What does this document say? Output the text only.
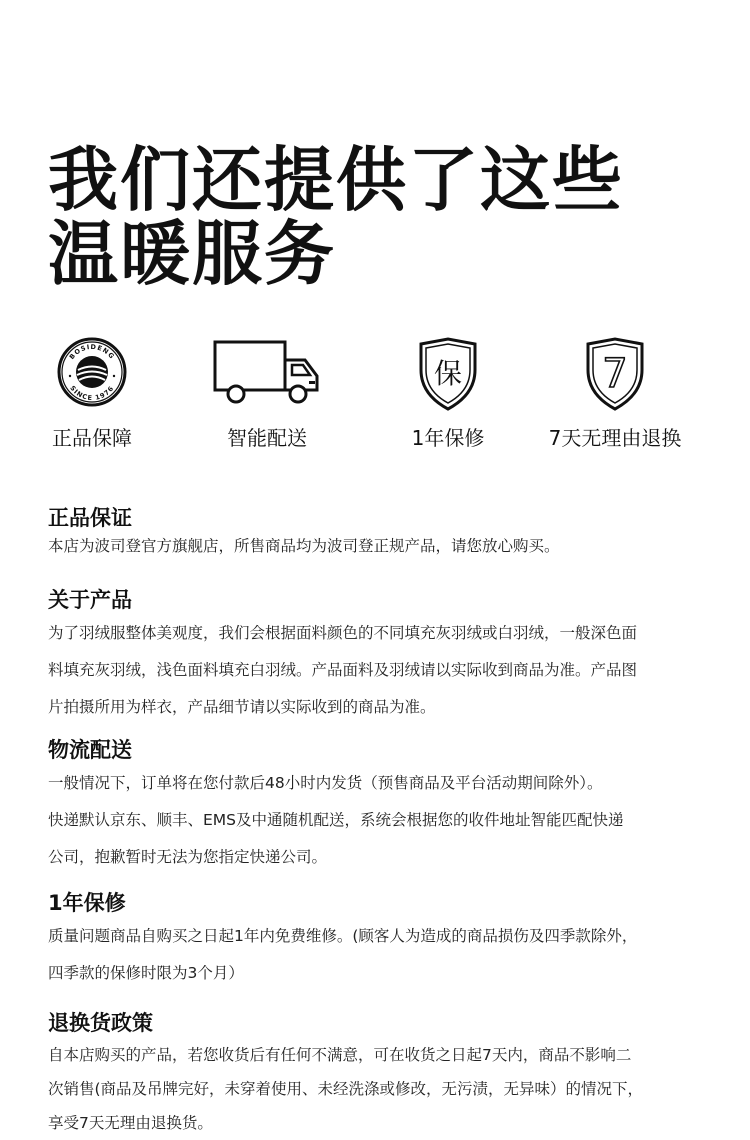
我们还提供了这些
温暖服务
BOSIDENG
SINCE 1976
正品保障	智能配送
保
1年保修
7
7天无理由退换
正品保证
本店为波司登官方旗舰店，所售商品均为波司登正规产品，请您放心购买。
关于产品
为了羽绒服整体美观度，我们会根据面料颜色的不同填充灰羽绒或白羽绒，一般深色面
料填充灰羽绒，浅色面料填充白羽绒。产品面料及羽绒请以实际收到商品为准。产品图
片拍摄所用为样衣，产品细节请以实际收到的商品为准。
物流配送
一般情况下，订单将在您付款后48小时内发货（预售商品及平台活动期间除外）。
快递默认京东、顺丰、EMS及中通随机配送，系统会根据您的收件地址智能匹配快递
公司，抱歉暂时无法为您指定快递公司。
1年保修
质量问题商品自购买之日起1年内免费维修。(顾客人为造成的商品损伤及四季款除外，
四季款的保修时限为3个月）
退换货政策
自本店购买的产品，若您收货后有任何不满意，可在收货之日起7天内，商品不影响二
次销售(商品及吊牌完好，未穿着使用、未经洗涤或修改，无污渍，无异味）的情况下，
享受7天无理由退换货。
